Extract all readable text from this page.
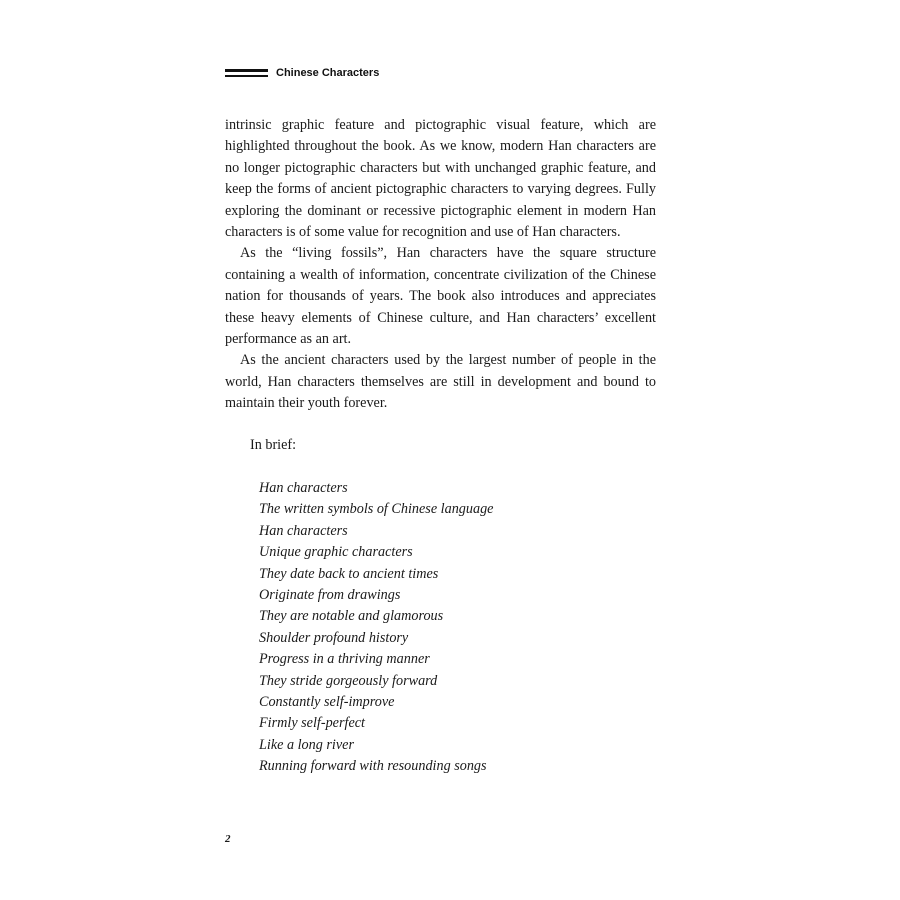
Chinese Characters

intrinsic graphic feature and pictographic visual feature, which are highlighted throughout the book. As we know, modern Han characters are no longer pictographic characters but with unchanged graphic feature, and keep the forms of ancient pictographic characters to varying degrees. Fully exploring the dominant or recessive pictographic element in modern Han characters is of some value for recognition and use of Han characters.

As the “living fossils”, Han characters have the square structure containing a wealth of information, concentrate civilization of the Chinese nation for thousands of years. The book also introduces and appreciates these heavy elements of Chinese culture, and Han characters’ excellent performance as an art.

As the ancient characters used by the largest number of people in the world, Han characters themselves are still in development and bound to maintain their youth forever.

In brief:
Han characters
The written symbols of Chinese language
Han characters
Unique graphic characters
They date back to ancient times
Originate from drawings
They are notable and glamorous
Shoulder profound history
Progress in a thriving manner
They stride gorgeously forward
Constantly self-improve
Firmly self-perfect
Like a long river
Running forward with resounding songs
2
